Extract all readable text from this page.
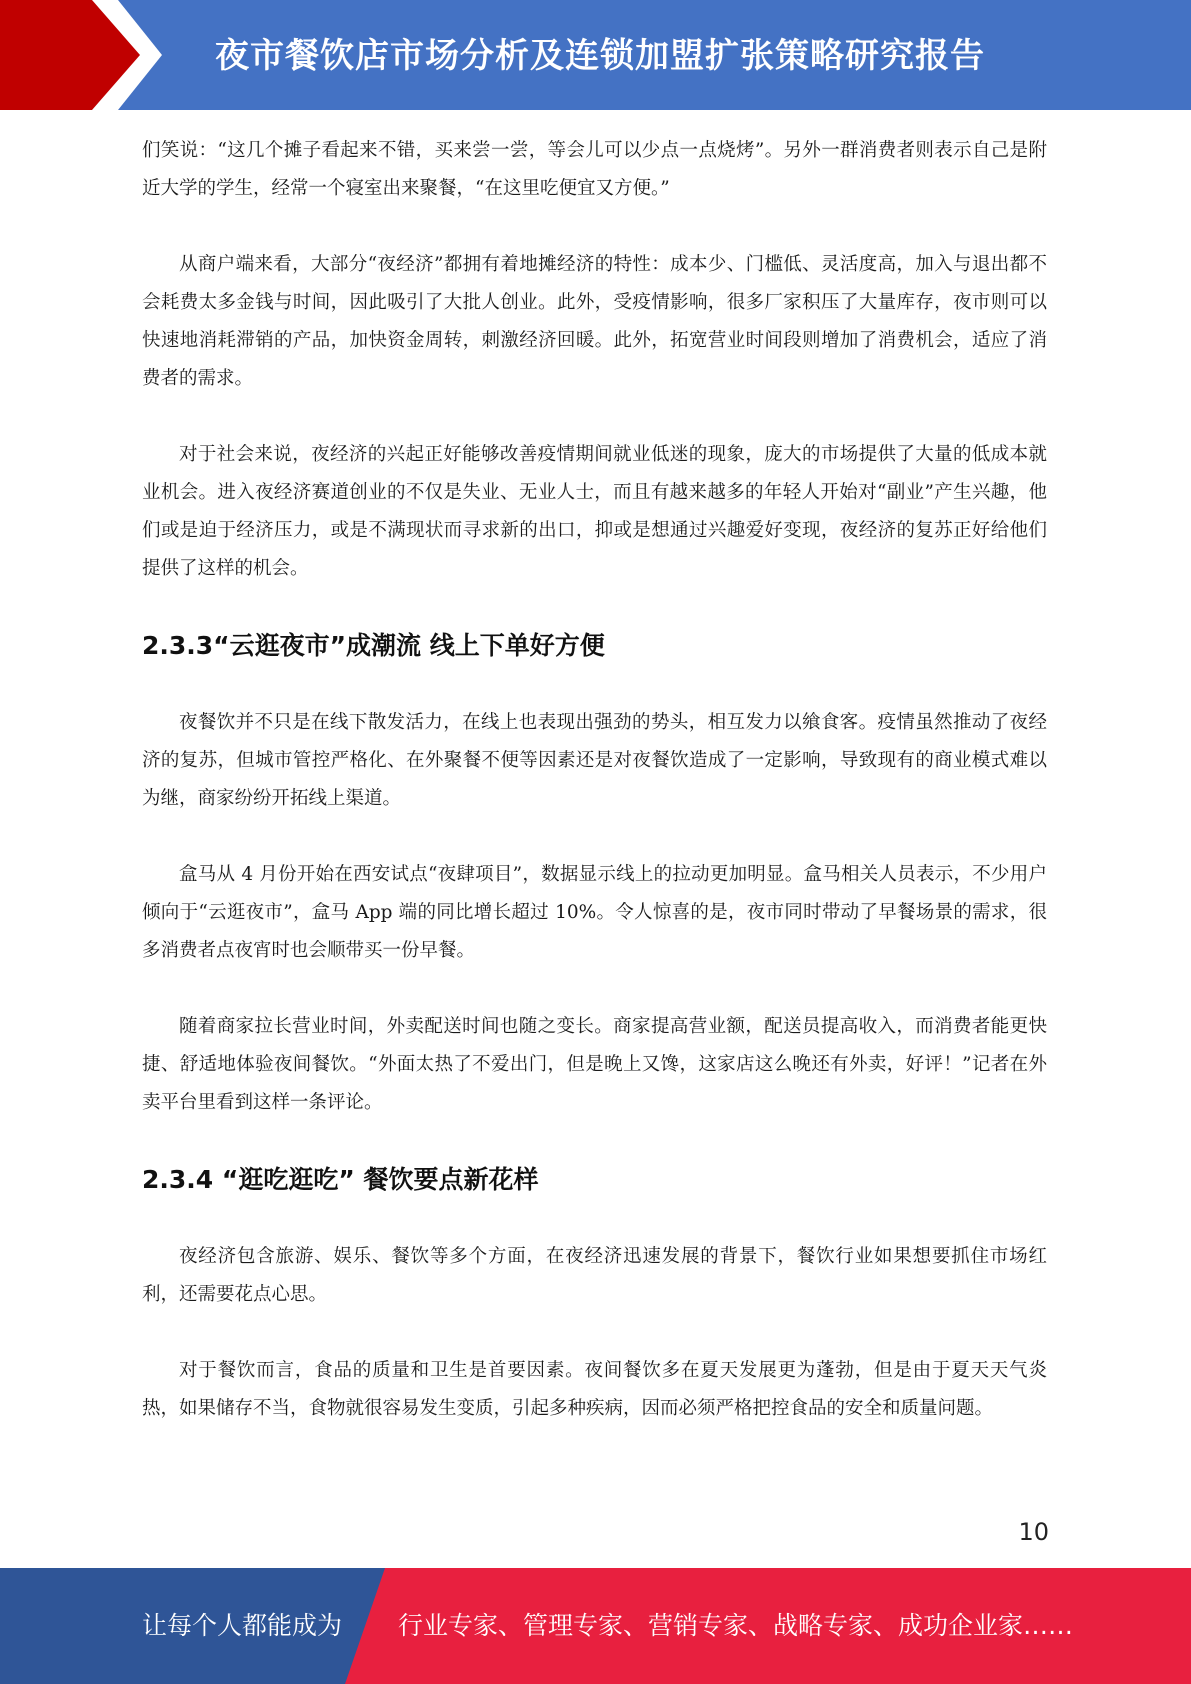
夜市餐饮店市场分析及连锁加盟扩张策略研究报告

们笑说：“这几个摊子看起来不错，买来尝一尝，等会儿可以少点一点烧烤”。另外一群消费者则表示自己是附近大学的学生，经常一个寝室出来聚餐，“在这里吃便宜又方便。”

从商户端来看，大部分“夜经济”都拥有着地摊经济的特性：成本少、门槛低、灵活度高，加入与退出都不会耗费太多金钱与时间，因此吸引了大批人创业。此外，受疫情影响，很多厂家积压了大量库存，夜市则可以快速地消耗滞销的产品，加快资金周转，刺激经济回暖。此外，拓宽营业时间段则增加了消费机会，适应了消费者的需求。

对于社会来说，夜经济的兴起正好能够改善疫情期间就业低迷的现象，庞大的市场提供了大量的低成本就业机会。进入夜经济赛道创业的不仅是失业、无业人士，而且有越来越多的年轻人开始对“副业”产生兴趣，他们或是迫于经济压力，或是不满现状而寻求新的出口，抑或是想通过兴趣爱好变现，夜经济的复苏正好给他们提供了这样的机会。

2.3.3“云逛夜市”成潮流 线上下单好方便

夜餐饮并不只是在线下散发活力，在线上也表现出强劲的势头，相互发力以飨食客。疫情虽然推动了夜经济的复苏，但城市管控严格化、在外聚餐不便等因素还是对夜餐饮造成了一定影响，导致现有的商业模式难以为继，商家纷纷开拓线上渠道。

盒马从 4 月份开始在西安试点“夜肆项目”，数据显示线上的拉动更加明显。盒马相关人员表示，不少用户倾向于“云逛夜市”，盒马 App 端的同比增长超过 10%。令人惊喜的是，夜市同时带动了早餐场景的需求，很多消费者点夜宵时也会顺带买一份早餐。

随着商家拉长营业时间，外卖配送时间也随之变长。商家提高营业额，配送员提高收入，而消费者能更快捷、舒适地体验夜间餐饮。“外面太热了不爱出门，但是晚上又馋，这家店这么晚还有外卖，好评！”记者在外卖平台里看到这样一条评论。

2.3.4 “逛吃逛吃” 餐饮要点新花样

夜经济包含旅游、娱乐、餐饮等多个方面，在夜经济迅速发展的背景下，餐饮行业如果想要抓住市场红利，还需要花点心思。

对于餐饮而言，食品的质量和卫生是首要因素。夜间餐饮多在夏天发展更为蓬勃，但是由于夏天天气炎热，如果储存不当，食物就很容易发生变质，引起多种疾病，因而必须严格把控食品的安全和质量问题。

10
让每个人都能成为 行业专家、管理专家、营销专家、战略专家、成功企业家……
